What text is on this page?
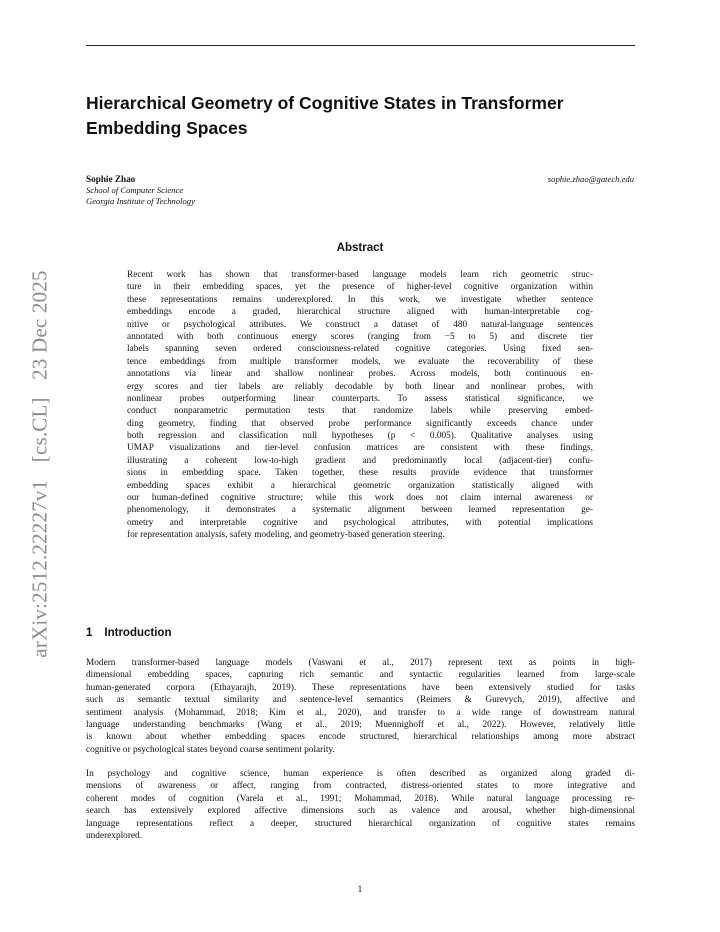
arXiv:2512.22227v1 [cs.CL] 23 Dec 2025
Hierarchical Geometry of Cognitive States in Transformer
Embedding Spaces
Sophie Zhao
School of Computer Science
Georgia Institute of Technology
sophie.zhao@gatech.edu
Abstract
Recent work has shown that transformer-based language models learn rich geometric struc-
ture in their embedding spaces, yet the presence of higher-level cognitive organization within
these representations remains underexplored. In this work, we investigate whether sentence
embeddings encode a graded, hierarchical structure aligned with human-interpretable cog-
nitive or psychological attributes. We construct a dataset of 480 natural-language sentences
annotated with both continuous energy scores (ranging from −5 to 5) and discrete tier
labels spanning seven ordered consciousness-related cognitive categories. Using fixed sen-
tence embeddings from multiple transformer models, we evaluate the recoverability of these
annotations via linear and shallow nonlinear probes. Across models, both continuous en-
ergy scores and tier labels are reliably decodable by both linear and nonlinear probes, with
nonlinear probes outperforming linear counterparts. To assess statistical significance, we
conduct nonparametric permutation tests that randomize labels while preserving embed-
ding geometry, finding that observed probe performance significantly exceeds chance under
both regression and classification null hypotheses (p < 0.005). Qualitative analyses using
UMAP visualizations and tier-level confusion matrices are consistent with these findings,
illustrating a coherent low-to-high gradient and predominantly local (adjacent-tier) confu-
sions in embedding space. Taken together, these results provide evidence that transformer
embedding spaces exhibit a hierarchical geometric organization statistically aligned with
our human-defined cognitive structure; while this work does not claim internal awareness or
phenomenology, it demonstrates a systematic alignment between learned representation ge-
ometry and interpretable cognitive and psychological attributes, with potential implications
for representation analysis, safety modeling, and geometry-based generation steering.
1 Introduction
Modern transformer-based language models (Vaswani et al., 2017) represent text as points in high-
dimensional embedding spaces, capturing rich semantic and syntactic regularities learned from large-scale
human-generated corpora (Ethayarajh, 2019). These representations have been extensively studied for tasks
such as semantic textual similarity and sentence-level semantics (Reimers & Gurevych, 2019), affective and
sentiment analysis (Mohammad, 2018; Kim et al., 2020), and transfer to a wide range of downstream natural
language understanding benchmarks (Wang et al., 2019; Muennighoff et al., 2022). However, relatively little
is known about whether embedding spaces encode structured, hierarchical relationships among more abstract
cognitive or psychological states beyond coarse sentiment polarity.
In psychology and cognitive science, human experience is often described as organized along graded di-
mensions of awareness or affect, ranging from contracted, distress-oriented states to more integrative and
coherent modes of cognition (Varela et al., 1991; Mohammad, 2018). While natural language processing re-
search has extensively explored affective dimensions such as valence and arousal, whether high-dimensional
language representations reflect a deeper, structured hierarchical organization of cognitive states remains
underexplored.
1
